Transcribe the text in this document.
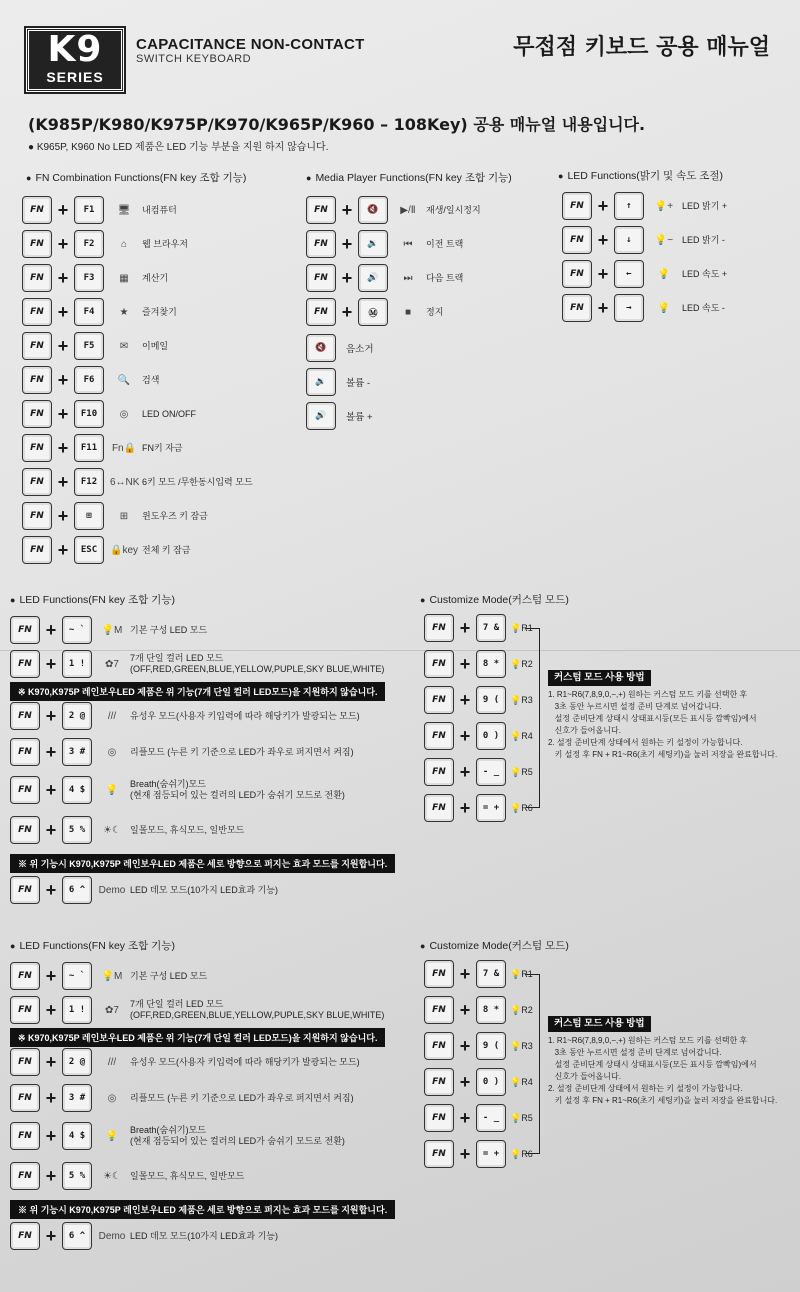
K9
SERIES
CAPACITANCE NON-CONTACT
SWITCH KEYBOARD	무접점 키보드 공용 매뉴얼
(K985P/K980/K975P/K970/K965P/K960 – 108Key) 공용 매뉴얼 내용입니다.
● K965P, K960 No LED 제품은 LED 기능 부분을 지원 하지 않습니다.
● FN Combination Functions(FN key 조합 기능)
FN +	F1	🖥	내컴퓨터
FN +	F2	⌂	웹 브라우저
FN +	F3	▦	계산기
FN +	F4	★	즐겨찾기
FN +	F5	✉	이메일
FN +	F6	🔍	검색
FN +	F10	◎	LED ON/OFF
FN +	F11	Fn🔒 FN키 자금
FN +	F12	6↔NK 6키 모드 /무한동시입력 모드
FN +	⊞	⊞	윈도우즈 키 잠금
FN +	ESC	🔒key 전체 키 잠금
● Media Player Functions(FN key 조합 기능)
FN +	🔇	▶/Ⅱ	재생/일시정지
FN +	🔉	⏮	이전 트랙
FN +	🔊	⏭	다음 트랙
FN +	Ⓜ	■	정지
🔇	음소거
🔉	볼륨 -
🔊	볼륨 +
● LED Functions(밝기 및 속도 조절)
FN +	↑	💡+ LED 밝기 +
FN +	↓	💡− LED 밝기 -
FN +	←	💡	LED 속도 +
FN +	→	💡	LED 속도 -
● LED Functions(FN key 조합 기능)
FN +	~ `	💡M 기본 구성 LED 모드
FN +	1 !	✿7
7개 단일 컬러 LED 모드
(OFF,RED,GREEN,BLUE,YELLOW,PUPLE,SKY BLUE,WHITE)
FN +	2 @	///	유성우 모드(사용자 키입력에 따라 해당키가 발광되는 모드)
FN +	3 #	◎	리플모드 (누른 키 기준으로 LED가 좌우로 퍼지면서 켜짐)
FN +	4 $	💡
Breath(숨쉬기)모드
(현재 점등되어 있는 컬러의 LED가 숨쉬기 모드로 전환)
FN +	5 %	☀☾	일몰모드, 휴식모드, 일반모드
FN +	6 ^	Demo LED 데모 모드(10가지 LED효과 기능)
※ K970,K975P 레인보우LED 제품은 위 기능(7개 단일 컬러 LED모드)을 지원하지 않습니다.
※ 위 기능시 K970,K975P 레인보우LED 제품은 세로 방향으로 퍼지는 효과 모드를 지원합니다.
● Customize Mode(커스텀 모드)
FN +	7 &	💡R1
FN +	8 *	💡R2
FN +	9 (	💡R3
FN +	0 )	💡R4
FN +	- _	💡R5
FN +	= +	💡R6
커스텀 모드 사용 방법
1. R1~R6(7,8,9,0,−,+) 원하는 커스텀 모드 키를 선택한 후
3초 동안 누르시면 설정 준비 단계로 넘어갑니다.
설정 준비단계 상태시 상태표시등(모든 표시등 깜빡임)에서
신호가 들어옵니다.
2. 설정 준비단계 상태에서 원하는 키 설정이 가능합니다.
키 설정 후 FN + R1~R6(초기 세팅키)을 눌러 저장을 완료합니다.
● LED Functions(FN key 조합 기능)
FN +	~ `	💡M 기본 구성 LED 모드
FN +	1 !	✿7
7개 단일 컬러 LED 모드
(OFF,RED,GREEN,BLUE,YELLOW,PUPLE,SKY BLUE,WHITE)
FN +	2 @	///	유성우 모드(사용자 키입력에 따라 해당키가 발광되는 모드)
FN +	3 #	◎	리플모드 (누른 키 기준으로 LED가 좌우로 퍼지면서 켜짐)
FN +	4 $	💡
Breath(숨쉬기)모드
(현재 점등되어 있는 컬러의 LED가 숨쉬기 모드로 전환)
FN +	5 %	☀☾	일몰모드, 휴식모드, 일반모드
FN +	6 ^	Demo LED 데모 모드(10가지 LED효과 기능)
※ K970,K975P 레인보우LED 제품은 위 기능(7개 단일 컬러 LED모드)을 지원하지 않습니다.
※ 위 기능시 K970,K975P 레인보우LED 제품은 세로 방향으로 퍼지는 효과 모드를 지원합니다.
● Customize Mode(커스텀 모드)
FN +	7 &	💡R1
FN +	8 *	💡R2
FN +	9 (	💡R3
FN +	0 )	💡R4
FN +	- _	💡R5
FN +	= +	💡R6
커스텀 모드 사용 방법
1. R1~R6(7,8,9,0,−,+) 원하는 커스텀 모드 키를 선택한 후
3초 동안 누르시면 설정 준비 단계로 넘어갑니다.
설정 준비단계 상태시 상태표시등(모든 표시등 깜빡임)에서
신호가 들어옵니다.
2. 설정 준비단계 상태에서 원하는 키 설정이 가능합니다.
키 설정 후 FN + R1~R6(초기 세팅키)을 눌러 저장을 완료합니다.
